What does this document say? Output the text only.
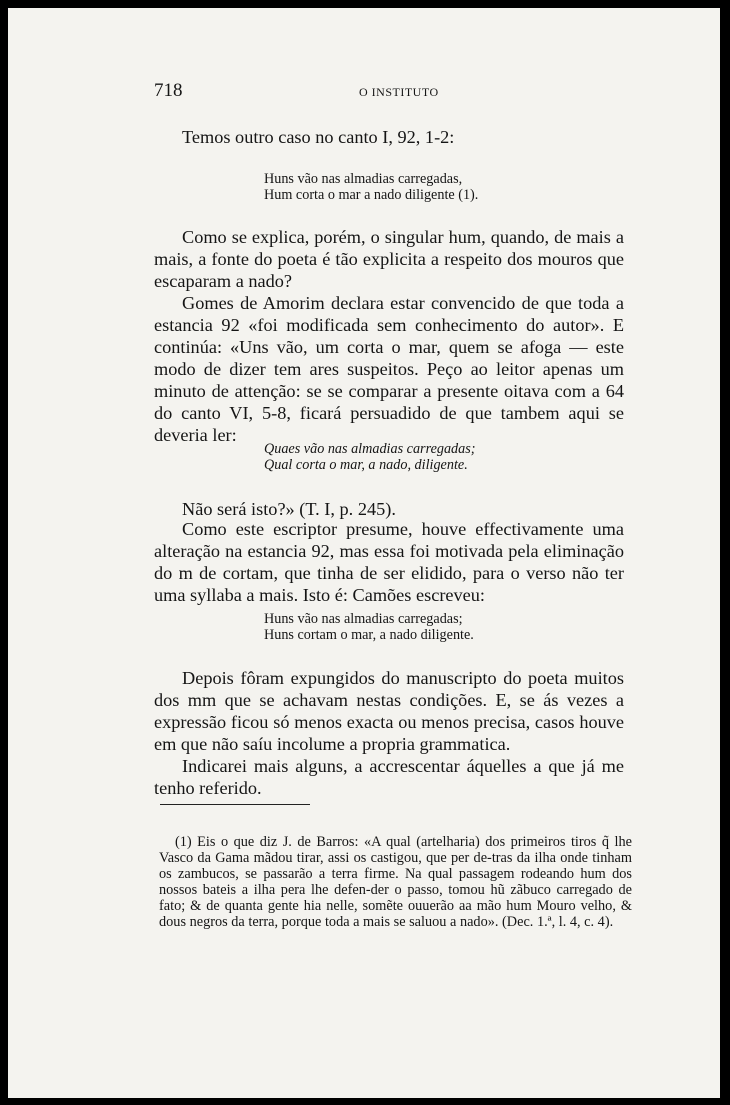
718	O INSTITUTO

Temos outro caso no canto I, 92, 1-2:

Huns vão nas almadias carregadas,
Hum corta o mar a nado diligente (1).

Como se explica, porém, o singular hum, quando, de mais a mais, a fonte do poeta é tão explicita a respeito dos mouros que escaparam a nado?

Gomes de Amorim declara estar convencido de que toda a estancia 92 «foi modificada sem conhecimento do autor». E continúa: «Uns vão, um corta o mar, quem se afoga — este modo de dizer tem ares suspeitos. Peço ao leitor apenas um minuto de attenção: se se comparar a presente oitava com a 64 do canto VI, 5-8, ficará persuadido de que tambem aqui se deveria ler:

Quaes vão nas almadias carregadas;
Qual corta o mar, a nado, diligente.

Não será isto?» (T. I, p. 245).

Como este escriptor presume, houve effectivamente uma alteração na estancia 92, mas essa foi motivada pela eliminação do m de cortam, que tinha de ser elidido, para o verso não ter uma syllaba a mais. Isto é: Camões escreveu:

Huns vão nas almadias carregadas;
Huns cortam o mar, a nado diligente.

Depois fôram expungidos do manuscripto do poeta muitos dos mm que se achavam nestas condições. E, se ás vezes a expressão ficou só menos exacta ou menos precisa, casos houve em que não saíu incolume a propria grammatica.

Indicarei mais alguns, a accrescentar áquelles a que já me tenho referido.

(1) Eis o que diz J. de Barros: «A qual (artelharia) dos primeiros tiros q̃ lhe Vasco da Gama mãdou tirar, assi os castigou, que per de-tras da ilha onde tinham os zambucos, se passarão a terra firme. Na qual passagem rodeando hum dos nossos bateis a ilha pera lhe defen-der o passo, tomou hũ zãbuco carregado de fato; & de quanta gente hia nelle, somẽte ouuerão aa mão hum Mouro velho, & dous negros da terra, porque toda a mais se saluou a nado». (Dec. 1.ª, l. 4, c. 4).
